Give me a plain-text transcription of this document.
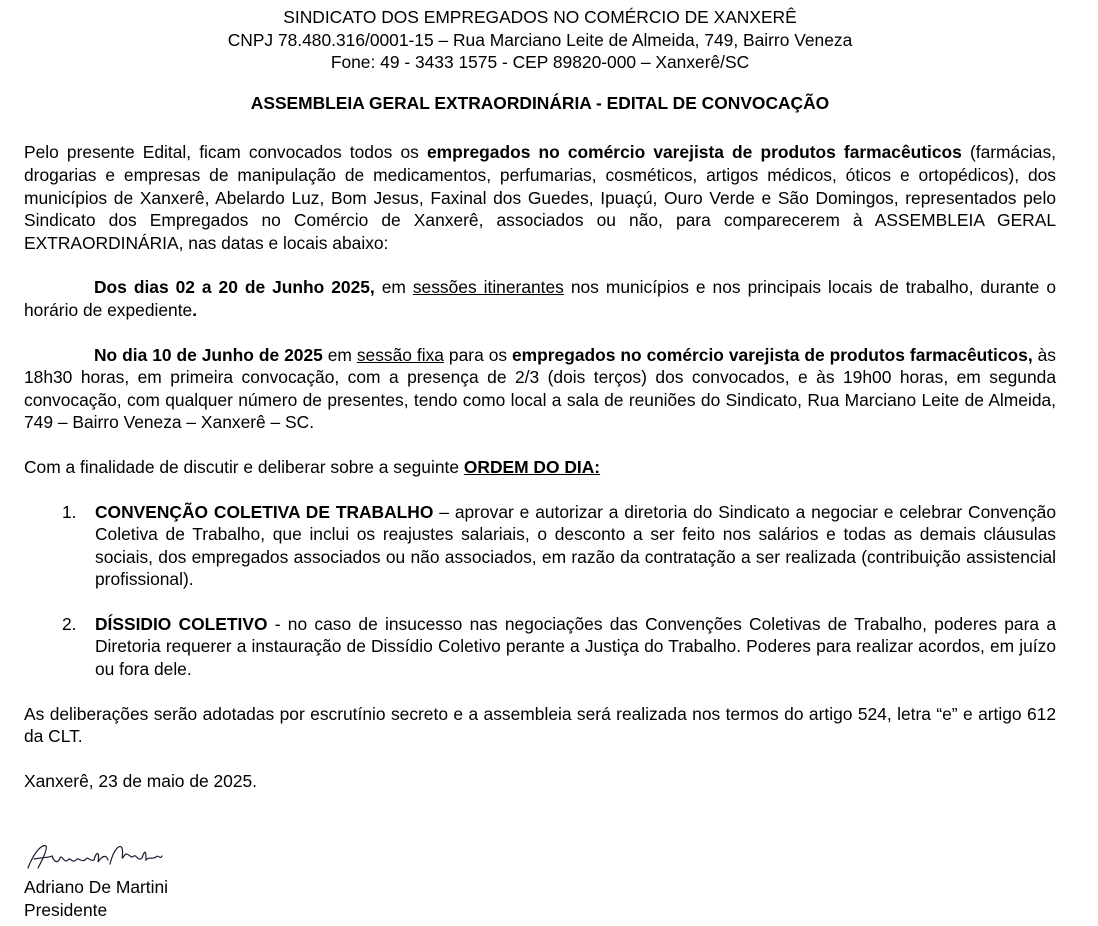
SINDICATO DOS EMPREGADOS NO COMÉRCIO DE XANXERÊ

CNPJ 78.480.316/0001-15 – Rua Marciano Leite de Almeida, 749, Bairro Veneza

Fone: 49 - 3433 1575 - CEP 89820-000 – Xanxerê/SC

ASSEMBLEIA GERAL EXTRAORDINÁRIA - EDITAL DE CONVOCAÇÃO

Pelo presente Edital, ficam convocados todos os empregados no comércio varejista de produtos farmacêuticos (farmácias, drogarias e empresas de manipulação de medicamentos, perfumarias, cosméticos, artigos médicos, óticos e ortopédicos), dos municípios de Xanxerê, Abelardo Luz, Bom Jesus, Faxinal dos Guedes, Ipuaçú, Ouro Verde e São Domingos, representados pelo Sindicato dos Empregados no Comércio de Xanxerê, associados ou não, para comparecerem à ASSEMBLEIA GERAL EXTRAORDINÁRIA, nas datas e locais abaixo:

Dos dias 02 a 20 de Junho 2025, em sessões itinerantes nos municípios e nos principais locais de trabalho, durante o horário de expediente.

No dia 10 de Junho de 2025 em sessão fixa para os empregados no comércio varejista de produtos farmacêuticos, às 18h30 horas, em primeira convocação, com a presença de 2/3 (dois terços) dos convocados, e às 19h00 horas, em segunda convocação, com qualquer número de presentes, tendo como local a sala de reuniões do Sindicato, Rua Marciano Leite de Almeida, 749 – Bairro Veneza – Xanxerê – SC.

Com a finalidade de discutir e deliberar sobre a seguinte ORDEM DO DIA:

1. CONVENÇÃO COLETIVA DE TRABALHO – aprovar e autorizar a diretoria do Sindicato a negociar e celebrar Convenção Coletiva de Trabalho, que inclui os reajustes salariais, o desconto a ser feito nos salários e todas as demais cláusulas sociais, dos empregados associados ou não associados, em razão da contratação a ser realizada (contribuição assistencial profissional).

2. DÍSSIDIO COLETIVO - no caso de insucesso nas negociações das Convenções Coletivas de Trabalho, poderes para a Diretoria requerer a instauração de Dissídio Coletivo perante a Justiça do Trabalho. Poderes para realizar acordos, em juízo ou fora dele.

As deliberações serão adotadas por escrutínio secreto e a assembleia será realizada nos termos do artigo 524, letra “e” e artigo 612 da CLT.

Xanxerê, 23 de maio de 2025.

Adriano De Martini
Presidente
